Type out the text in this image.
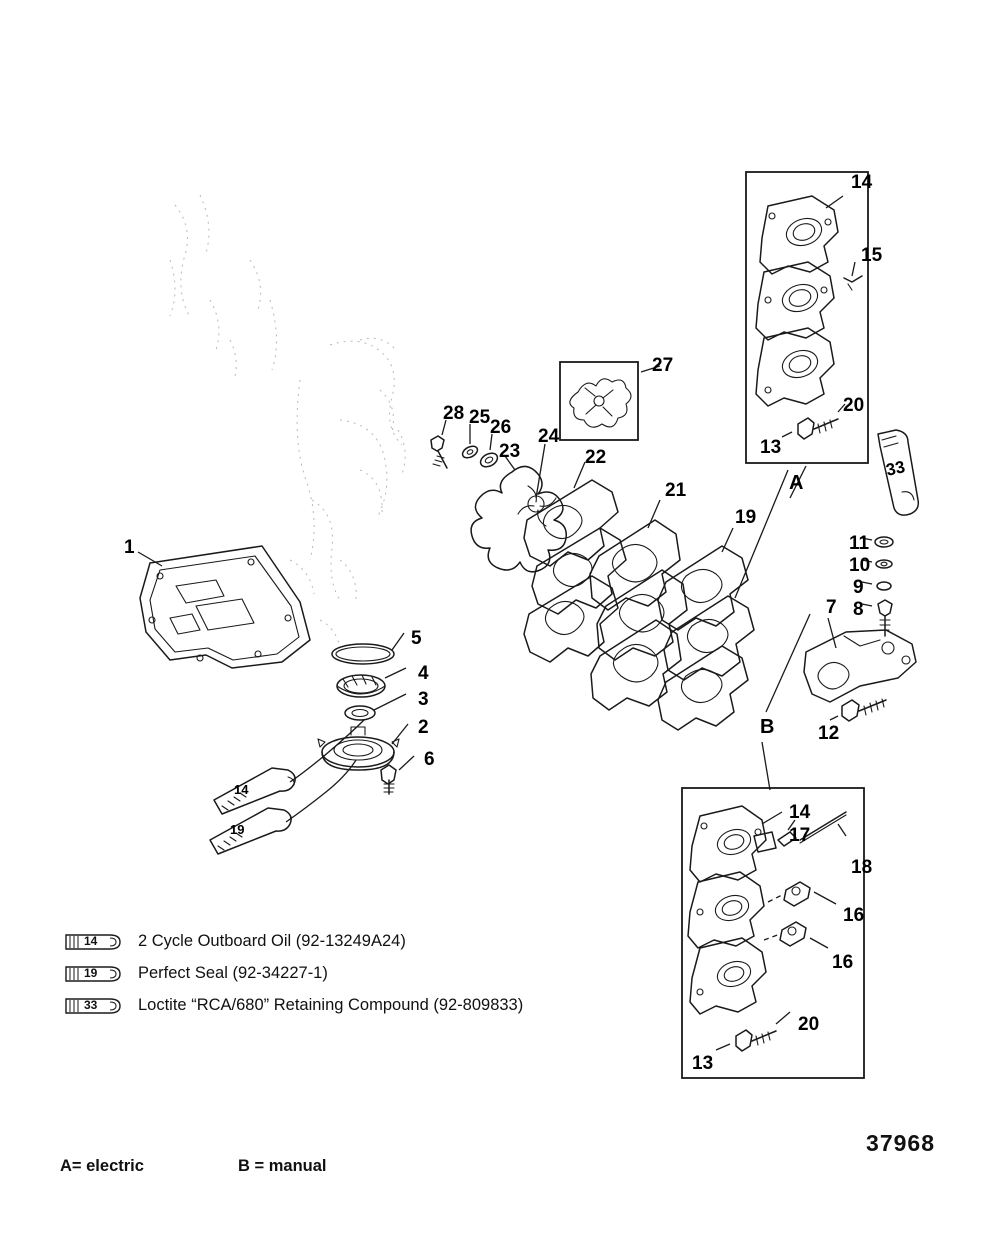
1
2
3
4
5
6
7 8
9
10
11
12
13
14
15
16
16
17
18
19
20
20
21
22
23
24
25 26
27
28
13
14
33
A
B
14
19
14 2 Cycle Outboard Oil (92-13249A24)
19 Perfect Seal (92-34227-1)
33 Loctite “RCA/680” Retaining Compound (92-809833)
37968
A= electric	B = manual
